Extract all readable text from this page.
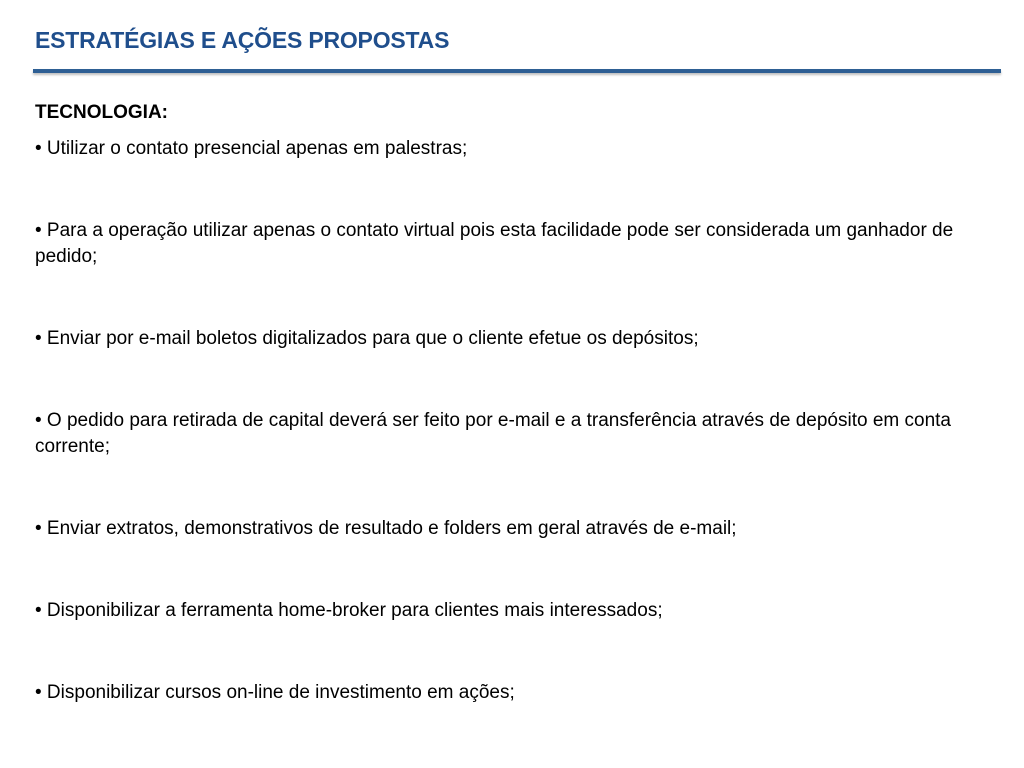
ESTRATÉGIAS E AÇÕES PROPOSTAS
TECNOLOGIA:
• Utilizar o contato presencial apenas em palestras;
• Para a operação utilizar apenas o contato virtual pois esta facilidade pode ser considerada um ganhador de pedido;
• Enviar por e-mail boletos digitalizados para que o cliente efetue os depósitos;
• O pedido para retirada de capital deverá ser feito por e-mail e a transferência através de depósito em conta corrente;
• Enviar extratos, demonstrativos de resultado e folders em geral através de e-mail;
• Disponibilizar a ferramenta home-broker para clientes mais interessados;
• Disponibilizar cursos on-line de investimento em ações;
